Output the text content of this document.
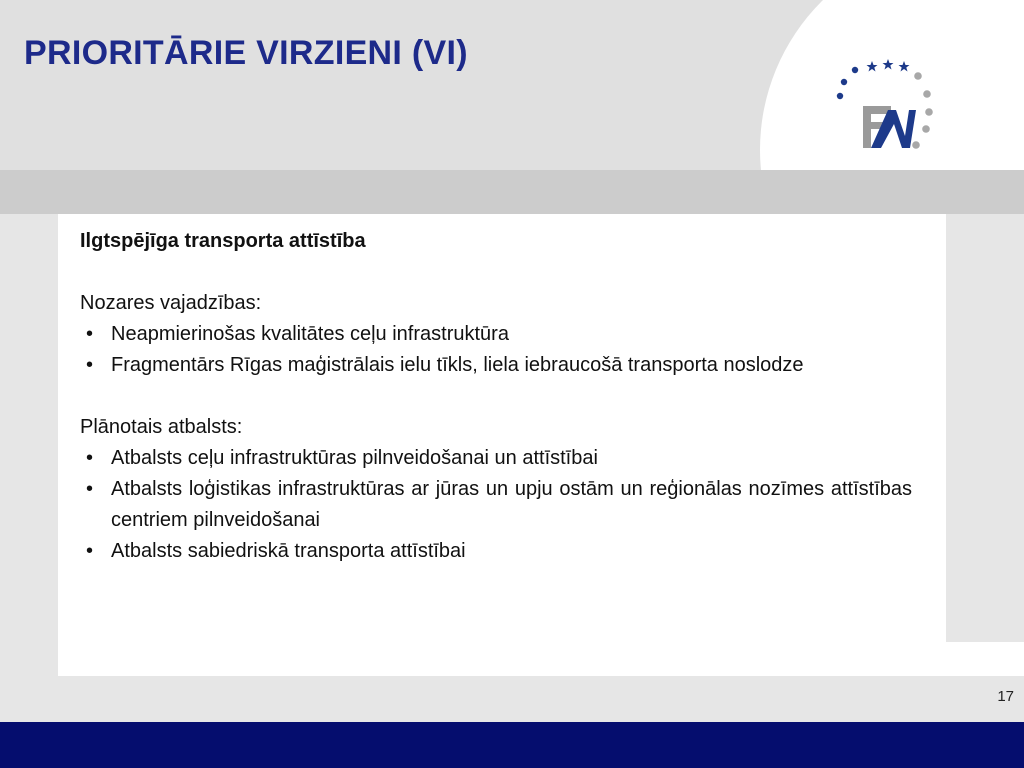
PRIORITĀRIE VIRZIENI (VI)

Ilgtspējīga transporta attīstība

Nozares vajadzības:

• Neapmierinošas kvalitātes ceļu infrastruktūra
• Fragmentārs Rīgas maģistrālais ielu tīkls, liela iebraucošā transporta noslodze

Plānotais atbalsts:

• Atbalsts ceļu infrastruktūras pilnveidošanai un attīstībai
• Atbalsts loģistikas infrastruktūras ar jūras un upju ostām un reģionālas nozīmes attīstības centriem pilnveidošanai
• Atbalsts sabiedriskā transporta attīstībai
17
